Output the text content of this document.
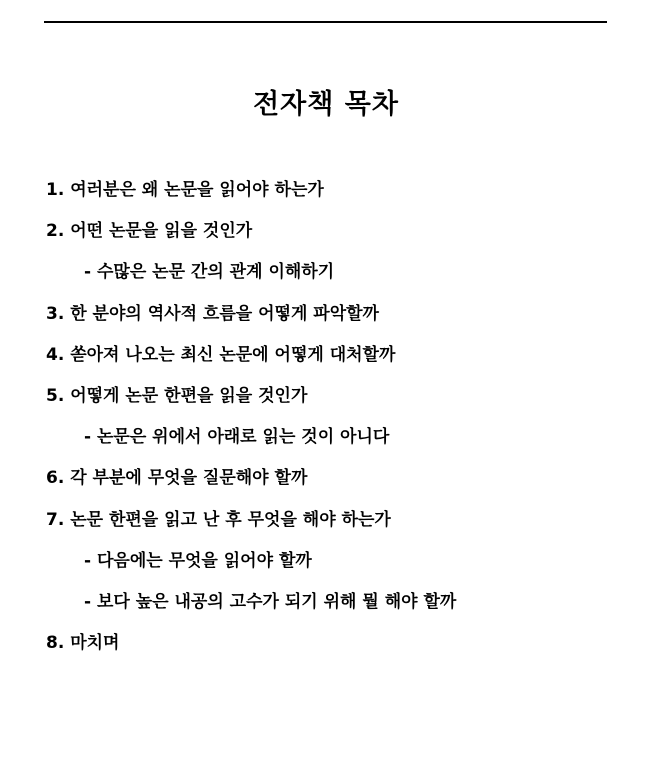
전자책 목차
1. 여러분은 왜 논문을 읽어야 하는가
2. 어떤 논문을 읽을 것인가
- 수많은 논문 간의 관계 이해하기
3. 한 분야의 역사적 흐름을 어떻게 파악할까
4. 쏟아져 나오는 최신 논문에 어떻게 대처할까
5. 어떻게 논문 한편을 읽을 것인가
- 논문은 위에서 아래로 읽는 것이 아니다
6. 각 부분에 무엇을 질문해야 할까
7. 논문 한편을 읽고 난 후 무엇을 해야 하는가
- 다음에는 무엇을 읽어야 할까
- 보다 높은 내공의 고수가 되기 위해 뭘 해야 할까
8. 마치며
